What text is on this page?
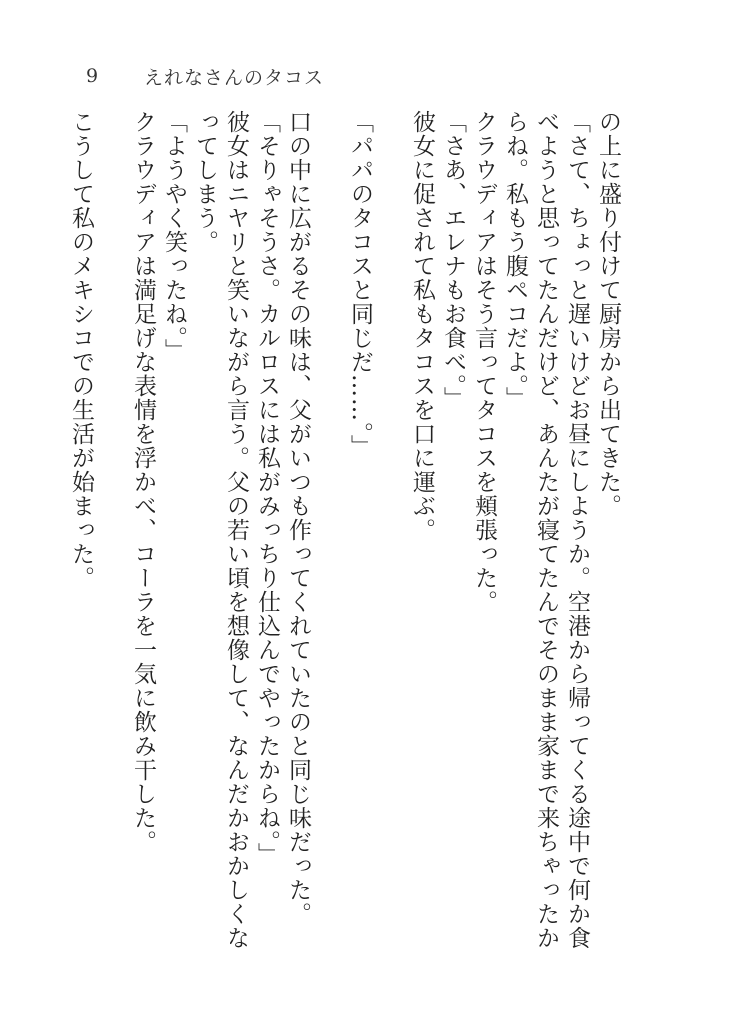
9	えれなさんのタコス

の上に盛り付けて厨房から出てきた。

「さて、ちょっと遅いけどお昼にしようか。空港から帰ってくる途中で何か食べようと思ってたんだけど、あんたが寝てたんでそのまま家まで来ちゃったからね。私もう腹ペコだよ。」

クラウディアはそう言ってタコスを頬張った。

「さあ、エレナもお食べ。」

彼女に促されて私もタコスを口に運ぶ。

「パパのタコスと同じだ……。」

口の中に広がるその味は、父がいつも作ってくれていたのと同じ味だった。

「そりゃそうさ。カルロスには私がみっちり仕込んでやったからね。」

彼女はニヤリと笑いながら言う。父の若い頃を想像して、なんだかおかしくなってしまう。

「ようやく笑ったね。」

クラウディアは満足げな表情を浮かべ、コーラを一気に飲み干した。

こうして私のメキシコでの生活が始まった。
